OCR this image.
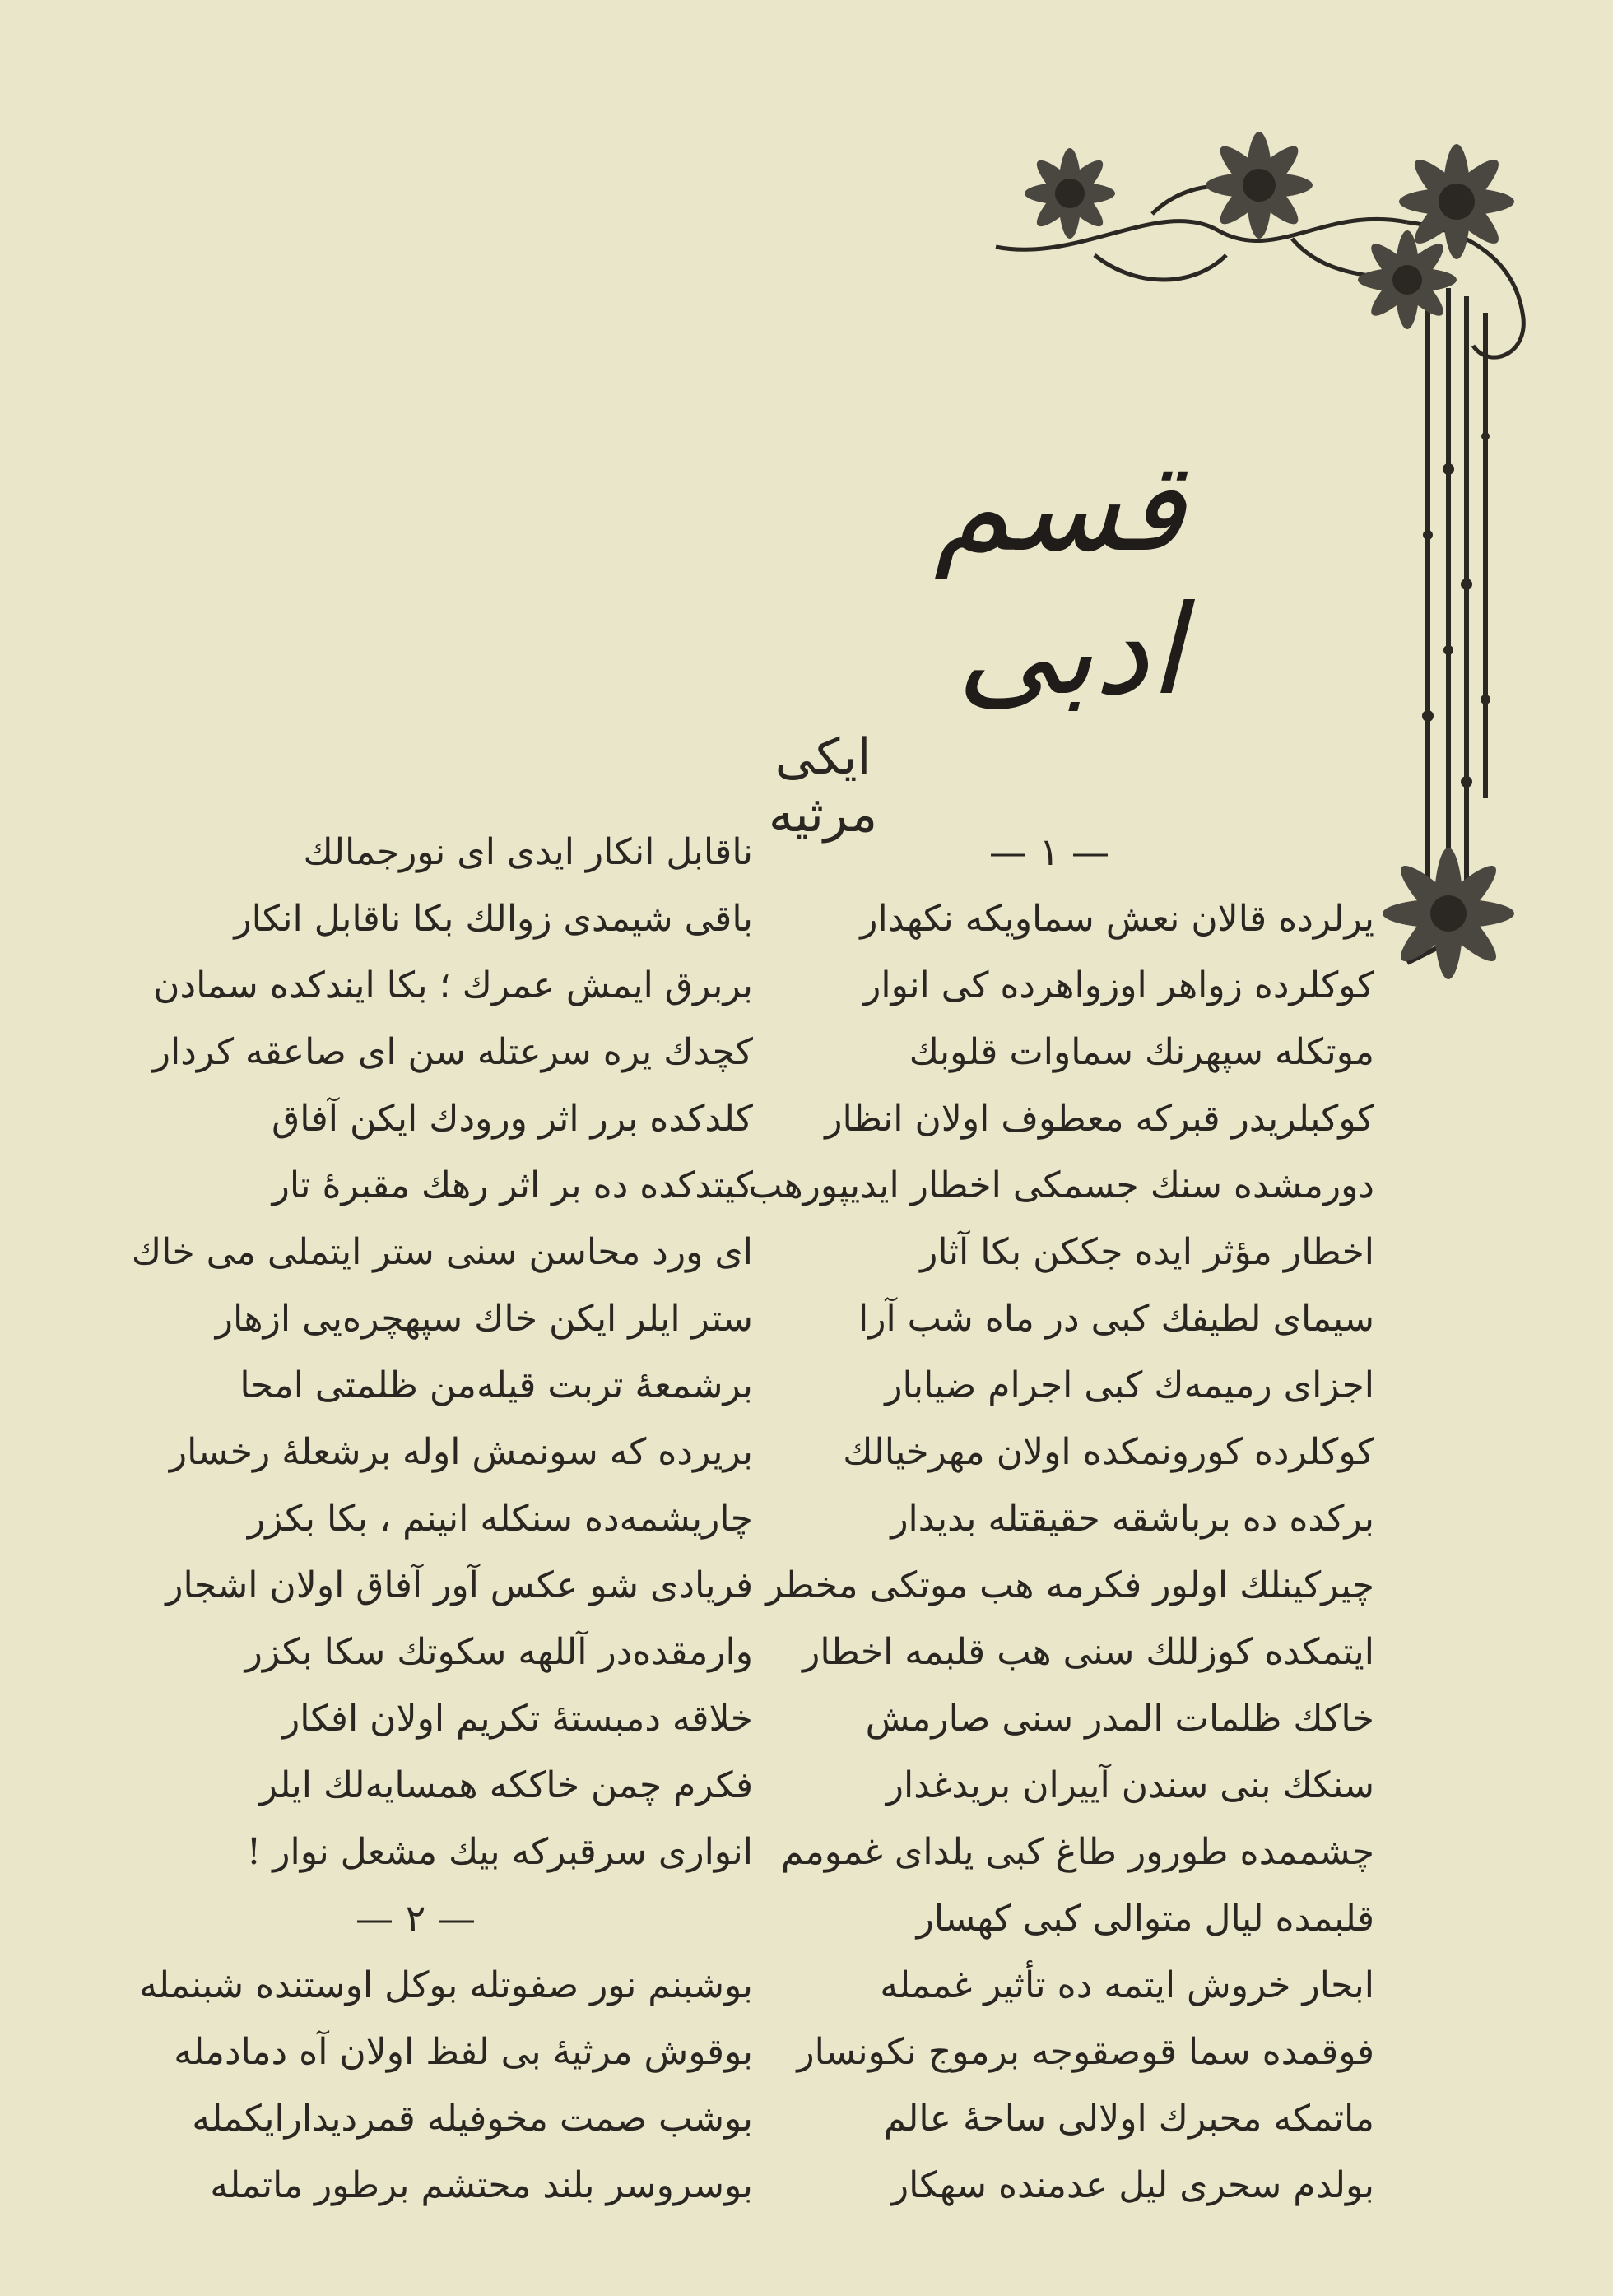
قسم ادبی
ایکی مرثیه
— ١ —
یرلرده قالان نعش سماویکه نکهدار
کوکلرده زواهر اوزواهرده کی انوار
موتکله سپهرنك سماوات قلوبك
کوکبلریدر قبرکه معطوف اولان انظار
دورمشده سنك جسمکی اخطار ایدیپورهب
اخطار مؤثر ایده جککن بکا آثار
سیمای لطیفك کبی در ماه شب آرا
اجزای رمیمه‌ك کبی اجرام ضیابار
کوکلرده کورونمکده اولان مهرخیالك
برکده ده برباشقه حقیقتله بدیدار
چیرکینلك اولور فکرمه هب موتکی مخطر
ایتمکده کوزللك سنی هب قلبمه اخطار
خاکك ظلمات المدر سنی صارمش
سنکك بنی سندن آییران بریدغدار
چشممده طورور طاغ کبی یلدای غمومم
قلبمده لیال متوالی کبی کهسار
ابحار خروش ایتمه ده تأثیر غممله
فوقمده سما قوصقوجه برموج نکونسار
ماتمکه محبرك اولالی ساحهٔ عالم
بولدم سحری لیل عدمنده سهکار
ناقابل انکار ایدی ای نورجمالك
باقی شیمدی زوالك بکا ناقابل انکار
بربرق ایمش عمرك ؛ بکا ایندکده سمادن
کچدك یره سرعتله سن ای صاعقه کردار
کلدکده برر اثر ورودك ایکن آفاق
کیتدکده ده بر اثر رهك مقبرهٔ تار
ای ورد محاسن سنی ستر ایتملی می خاك
ستر ایلر ایکن خاك سپهچره‌یی ازهار
برشمعهٔ تربت قیله‌من ظلمتی امحا
بریرده که سونمش اوله برشعلهٔ رخسار
چاریشمه‌ده سنکله انینم ، بکا بکزر
فریادی شو عکس آور آفاق اولان اشجار
وارمقده‌در آللهه سکوتك سکا بکزر
خلاقه دمبستهٔ تکریم اولان افکار
فکرم چمن خاککه همسایه‌لك ایلر
انواری سرقبرکه بیك مشعل نوار !
— ٢ —
بوشبنم نور صفوتله بوکل اوستنده شبنمله
بوقوش مرثیهٔ بی لفظ اولان آه دمادمله
بوشب صمت مخوفیله قمردیدارایکمله
بوسروسر بلند محتشم برطور ماتمله
